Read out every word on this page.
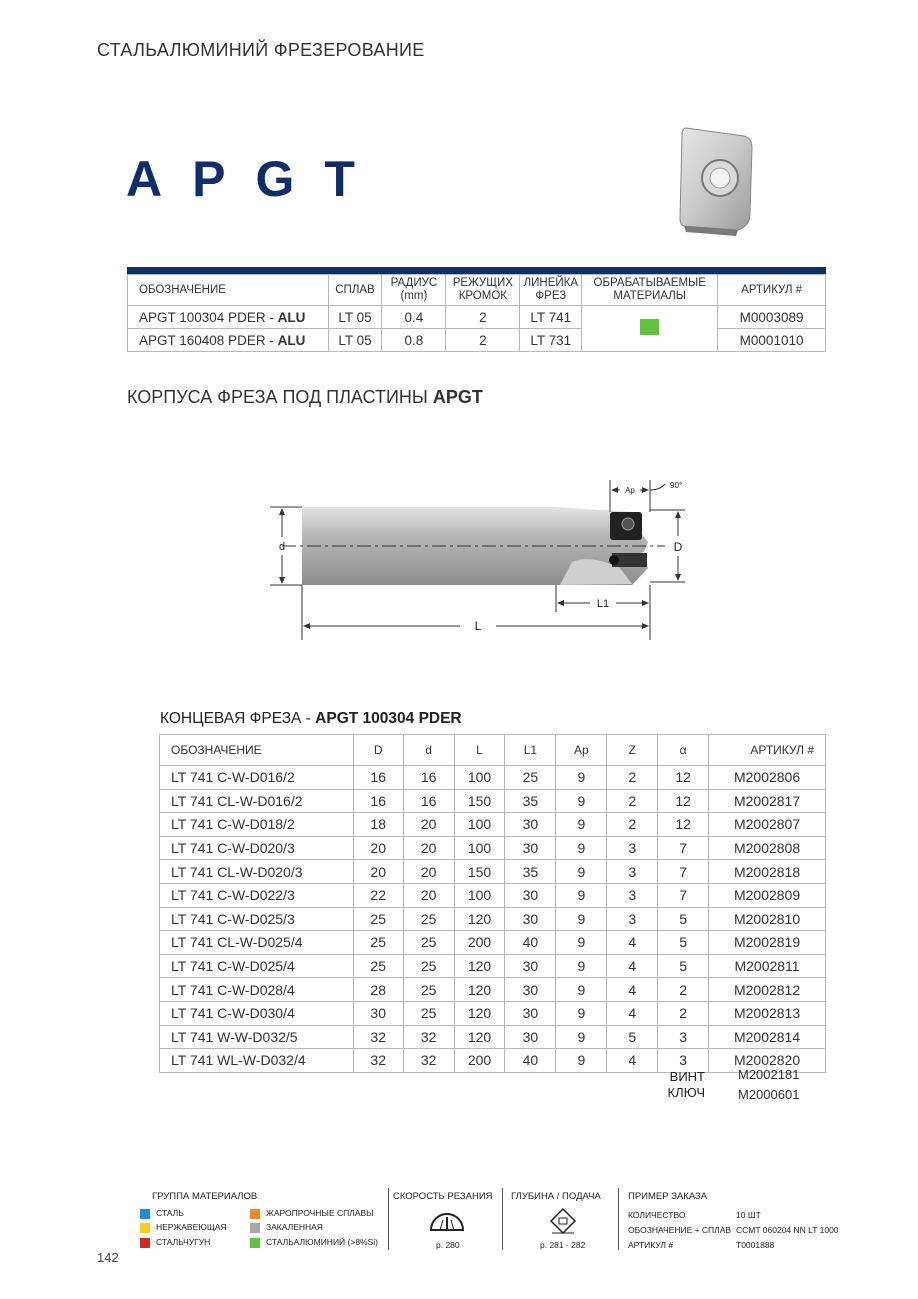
СТАЛЬАЛЮМИНИЙ ФРЕЗЕРОВАНИЕ
APGT
ОБОЗНАЧЕНИЕ	СПЛАВ	РАДИУС (mm)	РЕЖУЩИХ КРОМОК	ЛИНЕЙКА ФРЕЗ	ОБРАБАТЫВАЕМЫЕ МАТЕРИАЛЫ	АРТИКУЛ #
APGT 100304 PDER - ALU	LT 05	0.4	2	LT 741		M0003089
APGT 160408 PDER - ALU	LT 05	0.8	2	LT 731		M0001010
КОРПУСА ФРЕЗА ПОД ПЛАСТИНЫ APGT
d	D
Ap
90°
L1
L
КОНЦЕВАЯ ФРЕЗА - APGT 100304 PDER
ОБОЗНАЧЕНИЕ	D	d	L	L1	Ap	Z	α	АРТИКУЛ #
LT 741 C-W-D016/2	16	16	100	25	9	2	12	M2002806
LT 741 CL-W-D016/2	16	16	150	35	9	2	12	M2002817
LT 741 C-W-D018/2	18	20	100	30	9	2	12	M2002807
LT 741 C-W-D020/3	20	20	100	30	9	3	7	M2002808
LT 741 CL-W-D020/3	20	20	150	35	9	3	7	M2002818
LT 741 C-W-D022/3	22	20	100	30	9	3	7	M2002809
LT 741 C-W-D025/3	25	25	120	30	9	3	5	M2002810
LT 741 CL-W-D025/4	25	25	200	40	9	4	5	M2002819
LT 741 C-W-D025/4	25	25	120	30	9	4	5	M2002811
LT 741 C-W-D028/4	28	25	120	30	9	4	2	M2002812
LT 741 C-W-D030/4	30	25	120	30	9	4	2	M2002813
LT 741 W-W-D032/5	32	32	120	30	9	5	3	M2002814
LT 741 WL-W-D032/4	32	32	200	40	9	4	3	M2002820
ВИНТ	M2002181
КЛЮЧ	M2000601
ГРУППА МАТЕРИАЛОВ
СТАЛЬ	ЖАРОПРОЧНЫЕ СПЛАВЫ
НЕРЖАВЕЮЩАЯ	ЗАКАЛЕННАЯ
СТАЛЬЧУГУН	СТАЛЬАЛЮМИНИЙ (>8%Si)
СКОРОСТЬ РЕЗАНИЯ
p. 280
ГЛУБИНА / ПОДАЧА
p. 281 - 282
ПРИМЕР ЗАКАЗА
КОЛИЧЕСТВО	10 ШТ
ОБОЗНАЧЕНИЕ + СПЛАВ CCMT 060204 NN LT 1000
АРТИКУЛ #	T0001888
142
